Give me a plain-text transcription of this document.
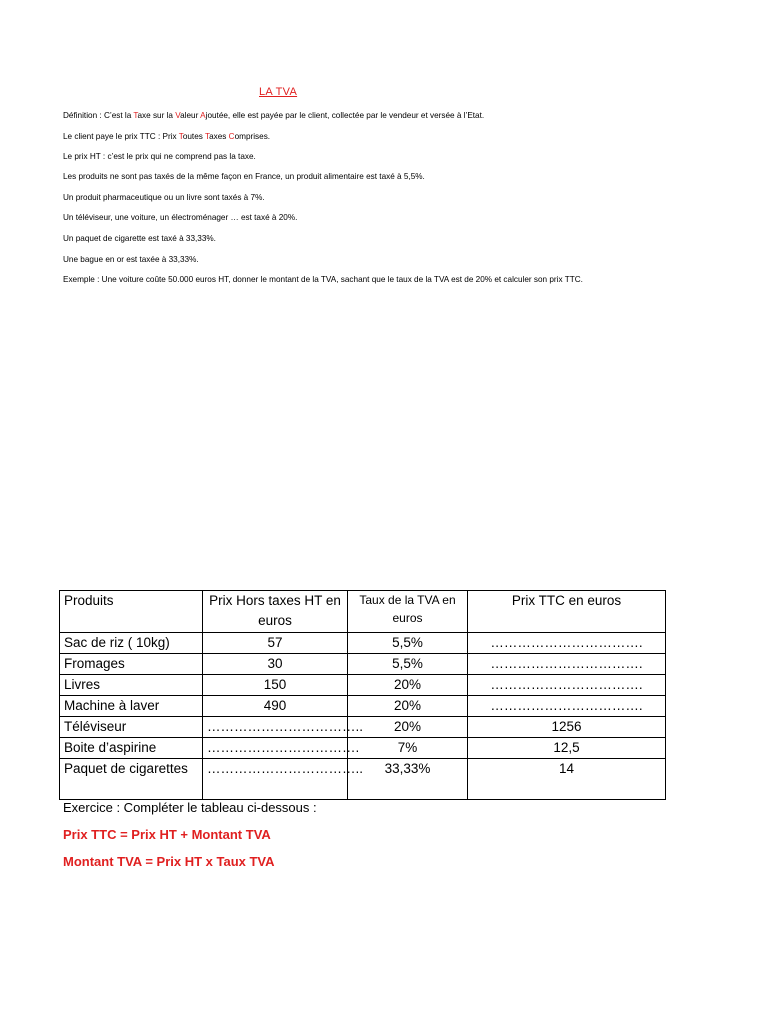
LA TVA
Définition : C’est la Taxe sur la Valeur Ajoutée, elle est payée par le client, collectée par le vendeur et versée à l’Etat.
Le client paye le prix TTC : Prix Toutes Taxes Comprises.
Le prix HT : c’est le prix qui ne comprend pas la taxe.
Les produits ne sont pas taxés de la même façon en France, un produit alimentaire est taxé à 5,5%.
Un produit pharmaceutique ou un livre sont taxés à 7%.
Un téléviseur, une voiture, un électroménager … est taxé à 20%.
Un paquet de cigarette est taxé à 33,33%.
Une bague en or est taxée à 33,33%.
Exemple : Une voiture coûte 50.000 euros HT, donner le montant de la TVA, sachant que le taux de la TVA est de 20% et calculer son prix TTC.
Produits	Prix Hors taxes HT en euros	Taux de la TVA en euros	Prix TTC en euros
Sac de riz ( 10kg)	57	5,5%	…………………………….
Fromages	30	5,5%	…………………………….
Livres	150	20%	…………………………….
Machine à laver	490	20%	…………………………….
Téléviseur	……………………………..	20%	1256
Boite d’aspirine	…………………………….	7%	12,5
Paquet de cigarettes	……………………………..	33,33%	14
Exercice : Compléter le tableau ci-dessous :
Prix TTC = Prix HT + Montant TVA
Montant TVA = Prix HT x Taux TVA
